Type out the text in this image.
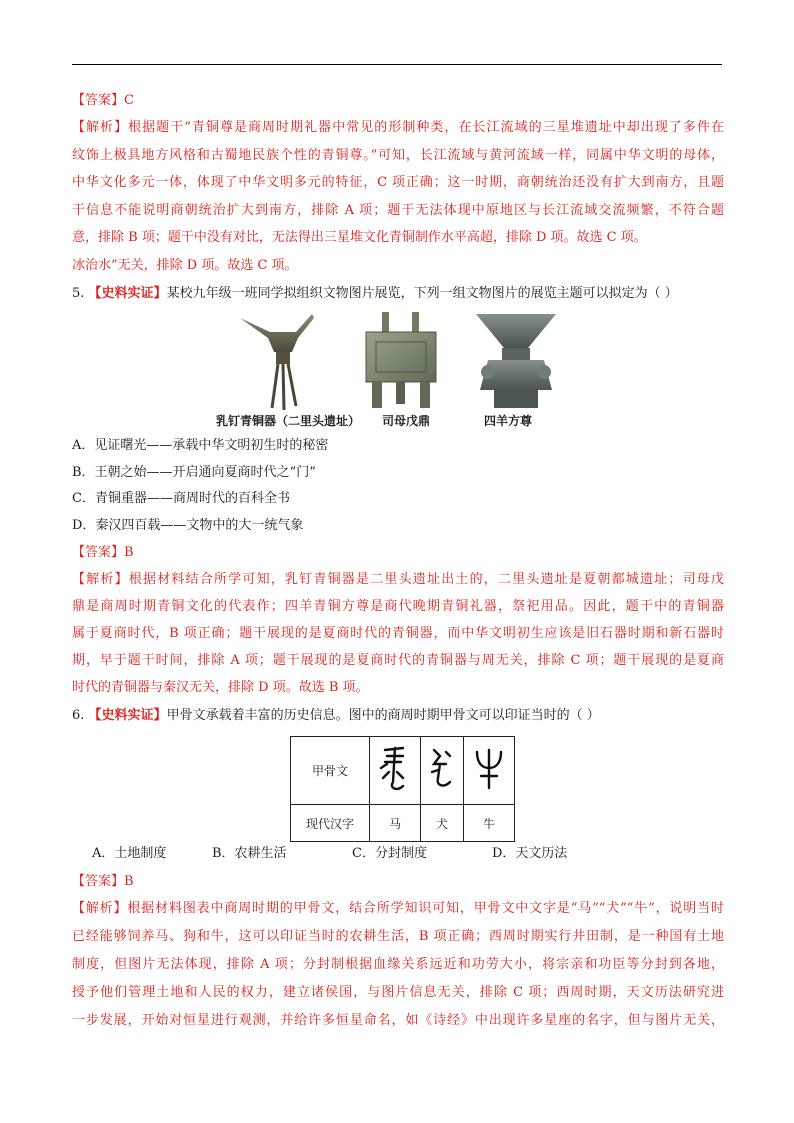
【答案】C
【解析】根据题干“青铜尊是商周时期礼器中常见的形制种类，在长江流域的三星堆遗址中却出现了多件在
纹饰上极具地方风格和古蜀地民族个性的青铜尊。”可知，长江流域与黄河流域一样，同属中华文明的母体，
中华文化多元一体，体现了中华文明多元的特征，C 项正确；这一时期，商朝统治还没有扩大到南方，且题
干信息不能说明商朝统治扩大到南方，排除 A 项；题干无法体现中原地区与长江流域交流频繁，不符合题
意，排除 B 项；题干中没有对比，无法得出三星堆文化青铜制作水平高超，排除 D 项。故选 C 项。
冰治水”无关，排除 D 项。故选 C 项。
5. 【史料实证】某校九年级一班同学拟组织文物图片展览，下列一组文物图片的展览主题可以拟定为（ ）
乳钉青铜器（二里头遗址） 司母戊鼎	四羊方尊
A．见证曙光——承载中华文明初生时的秘密
B．王朝之始——开启通向夏商时代之“门”
C．青铜重器——商周时代的百科全书
D．秦汉四百载——文物中的大一统气象
【答案】B
【解析】根据材料结合所学可知，乳钉青铜器是二里头遗址出土的，二里头遗址是夏朝都城遗址；司母戊
鼎是商周时期青铜文化的代表作；四羊青铜方尊是商代晚期青铜礼器，祭祀用品。因此，题干中的青铜器
属于夏商时代，B 项正确；题干展现的是夏商时代的青铜器，而中华文明初生应该是旧石器时期和新石器时
期，早于题干时间，排除 A 项；题干展现的是夏商时代的青铜器与周无关，排除 C 项；题干展现的是夏商
时代的青铜器与秦汉无关，排除 D 项。故选 B 项。
6. 【史料实证】甲骨文承载着丰富的历史信息。图中的商周时期甲骨文可以印证当时的（ ）
甲骨文			
现代汉字	马	犬	牛
A．土地制度	B．农耕生活	C．分封制度	D．天文历法
【答案】B
【解析】根据材料图表中商周时期的甲骨文，结合所学知识可知，甲骨文中文字是“马”“犬”“牛”，说明当时
已经能够饲养马、狗和牛，这可以印证当时的农耕生活，B 项正确；西周时期实行井田制，是一种国有土地
制度，但图片无法体现，排除 A 项；分封制根据血缘关系远近和功劳大小，将宗亲和功臣等分封到各地，
授予他们管理土地和人民的权力，建立诸侯国，与图片信息无关，排除 C 项；西周时期，天文历法研究进
一步发展，开始对恒星进行观测，并给许多恒星命名，如《诗经》中出现许多星座的名字，但与图片无关，
